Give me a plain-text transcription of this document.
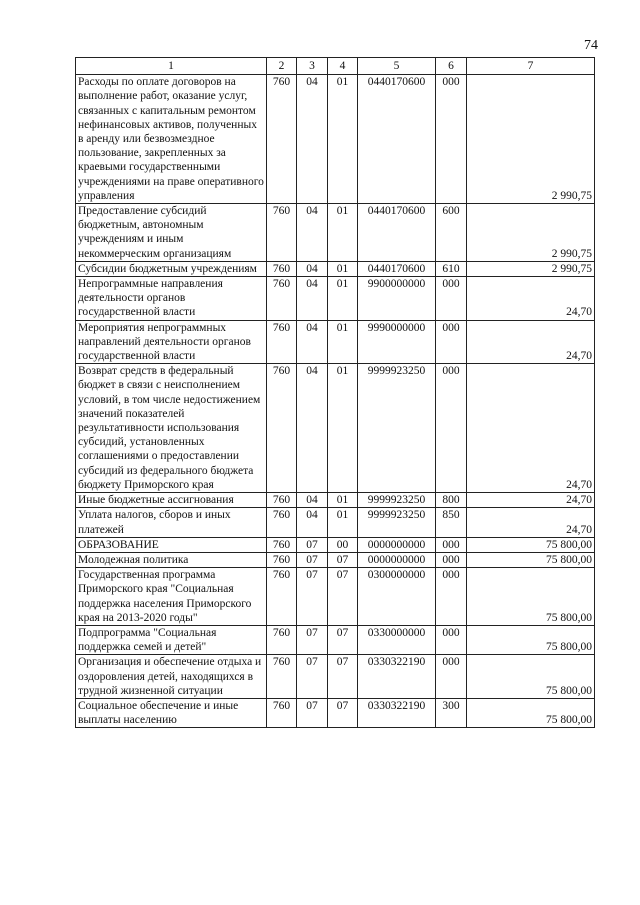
74
1	2	3	4	5	6	7
Расходы по оплате договоров на выполнение работ, оказание услуг, связанных с капитальным ремонтом нефинансовых активов, полученных в аренду или безвозмездное пользование, закрепленных за краевыми государственными учреждениями на праве оперативного управления	760	04	01	0440170600	000	2 990,75
Предоставление субсидий бюджетным, автономным учреждениям и иным некоммерческим организациям	760	04	01	0440170600	600	2 990,75
Субсидии бюджетным учреждениям	760	04	01	0440170600	610	2 990,75
Непрограммные направления деятельности органов государственной власти	760	04	01	9900000000	000	24,70
Мероприятия непрограммных направлений деятельности органов государственной власти	760	04	01	9990000000	000	24,70
Возврат средств в федеральный бюджет в связи с неисполнением условий, в том числе недостижением значений показателей результативности использования субсидий, установленных соглашениями о предоставлении субсидий из федерального бюджета бюджету Приморского края	760	04	01	9999923250	000	24,70
Иные бюджетные ассигнования	760	04	01	9999923250	800	24,70
Уплата налогов, сборов и иных платежей	760	04	01	9999923250	850	24,70
ОБРАЗОВАНИЕ	760	07	00	0000000000	000	75 800,00
Молодежная политика	760	07	07	0000000000	000	75 800,00
Государственная программа Приморского края "Социальная поддержка населения Приморского края на 2013-2020 годы"	760	07	07	0300000000	000	75 800,00
Подпрограмма "Социальная поддержка семей и детей"	760	07	07	0330000000	000	75 800,00
Организация и обеспечение отдыха и оздоровления детей, находящихся в трудной жизненной ситуации	760	07	07	0330322190	000	75 800,00
Социальное обеспечение и иные выплаты населению	760	07	07	0330322190	300	75 800,00
